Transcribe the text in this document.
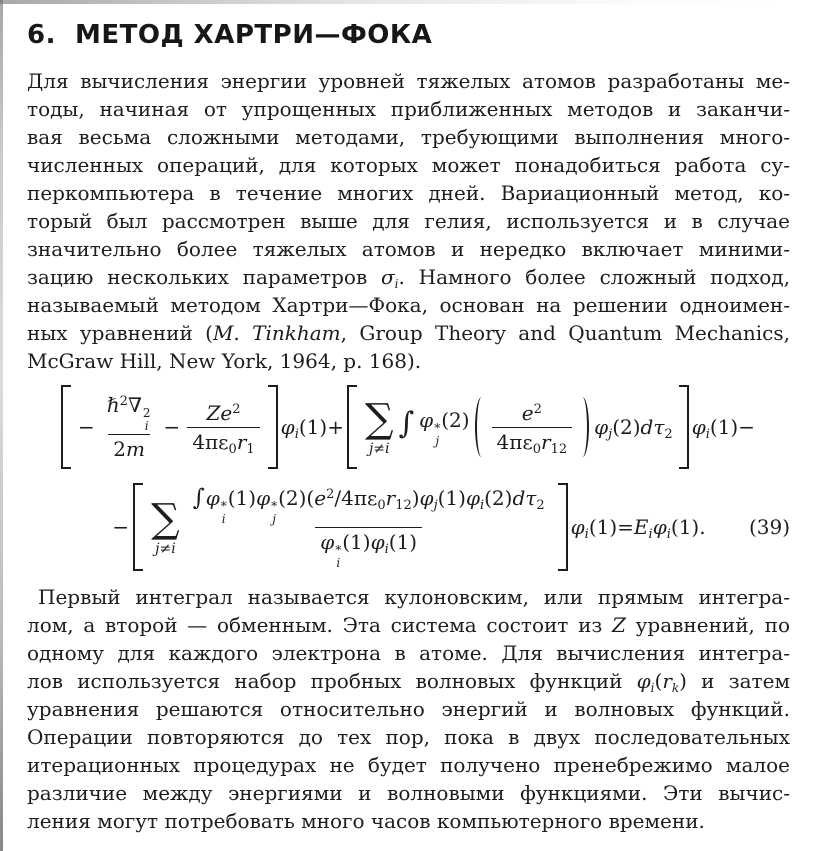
6. МЕТОД ХАРТРИ—ФОКА
Для вычисления энергии уровней тяжелых атомов разработаны ме-
тоды, начиная от упрощенных приближенных методов и заканчи-
вая весьма сложными методами, требующими выполнения много-
численных операций, для которых может понадобиться работа су-
перкомпьютера в течение многих дней. Вариационный метод, ко-
торый был рассмотрен выше для гелия, используется и в случае
значительно более тяжелых атомов и нередко включает миними-
зацию нескольких параметров $\sigma_i$. Намного более сложный подход,
называемый методом Хартри—Фока, основан на решении одноимен-
ных уравнений (M. Tinkham, Group Theory and Quantum Mechanics,
McGraw Hill, New York, 1964, p. 168).
− ℏ$^2$∇ 2
i
$2m - \frac{Ze^2}{4\pi\varepsilon_0r_1} \varphi_i(1)+$ ∑
j≠i
∫ φ *
j
$(2) \frac{e^2}{4\pi\varepsilon_0r_{12}} \varphi_j(2)d\tau_2$ $\varphi_i(1)-$
− ∑
j≠i ∫φ *
i
(1)φ *
j
$(2)(e^2/4\pi\varepsilon_0r_{12})\varphi_j(1)\varphi_i(2)d\tau_2$
φ *
i
$(1)\varphi_i(1)$ $\varphi_i(1)=E_i\varphi_i(1)$. (39)
Первый интеграл называется кулоновским, или прямым интегра-
лом, а второй — обменным. Эта система состоит из Z уравнений, по
одному для каждого электрона в атоме. Для вычисления интегра-
лов используется набор пробных волновых функций $\varphi_i(r_k)$ и затем
уравнения решаются относительно энергий и волновых функций.
Операции повторяются до тех пор, пока в двух последовательных
итерационных процедурах не будет получено пренебрежимо малое
различие между энергиями и волновыми функциями. Эти вычис-
ления могут потребовать много часов компьютерного времени.
